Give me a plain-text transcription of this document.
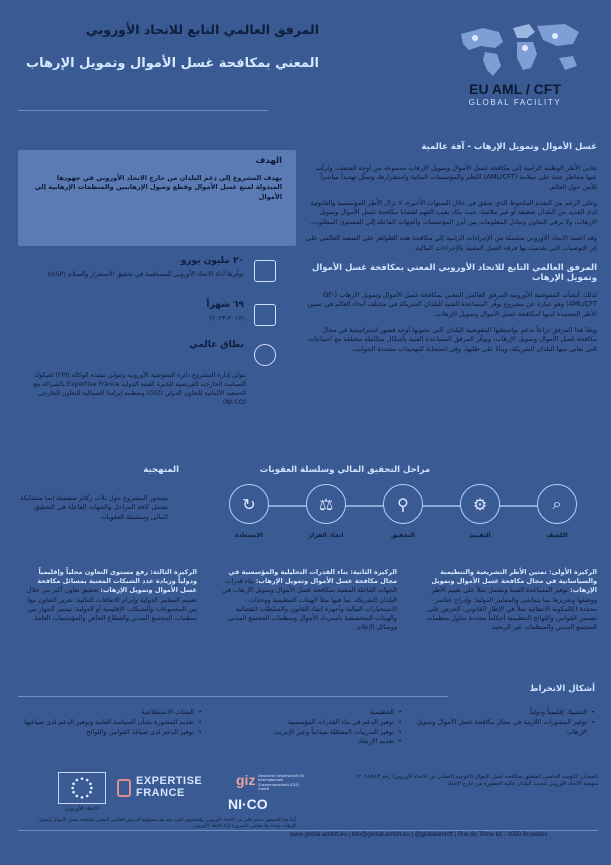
المرفق العالمي التابع للاتحاد الأوروبي
المعني بمكافحة غسل الأموال وتمويل الإرهاب
EU AML / CFT
GLOBAL FACILITY
غسل الأموال وتمويل الإرهاب - آفة عالمية

تعاني الأطر الوطنية الرامية إلى مكافحة غسل الأموال وتمويل الإرهاب مجموعة من أوجه الضعف، وتُرتِّب عنها مخاطر جمة على سلامة (AML/CFT) النُظم والمؤسسات المالية واستقرارها، وتمثِّل تهديداً مباشراً للأمن حول العالم.

وعلى الرغم من التقدم الملحوظ الذي تحقق في خلال السنوات الأخيرة، لا تزال الأطر المؤسسية والقانونية لدى العديد من البلدان ضعيفة أو غير ملائمة، حيث يكاد يغيب الفهم لقضايا مكافحة غسل الأموال وتمويل الإرهاب، ولا يرقى التعاون وتبادل المعلومات بين أبرز المؤسسات والجهات الفاعلة إلى المستوى المطلوب.

وقد اعتمد الاتحاد الأوروبي سلسلة من الإجراءات الرامية إلى مكافحة هذه الظواهر على الصعيد العالمي على إثر التوصيات التي تقدمت بها فرقة العمل المعنية بالإجراءات المالية.

المرفق العالمي التابع للاتحاد الأوروبي المعني بمكافحة غسل الأموال وتمويل الإرهاب

لذلك، أنشأت المفوضية الأوروبية المرفق العالمي المعني بمكافحة غسل الأموال وتمويل الإرهاب (GF-AML/CFT) وهو عبارة عن مشروع يوفّر المساعدة الفنية للبلدان الشريكة في مختلف أنحاء العالم في تمتين الأطر المعتمدة لديها لمكافحة غسل الأموال وتمويل الإرهاب.

ويعدّ هذا المرفق ذراعاً تدعم بواسطتها المفوضية البلدان التي تشوبها أوجه قصور استراتيجية في مجال مكافحة غسل الأموال وتمويل الإرهاب، ويوفّر المرفق المساعدة الفنية بأشكال متكاملة مختلفة مع احتياجات التي تعاني منها البلدان الشريكة، وبناءً على طلبها، وفي استجابة للتهديدات متعددة الجوانب.

الهدف
يهدف المشروع إلى دعم البلدان من خارج الاتحاد الأوروبي في جهودها المبذولة لمنع غسل الأموال وقطع وصول الإرهابيين والمنظمات الإرهابية إلى الأموال
٢٠ مليون يورو
توفّرها أداة الاتحاد الأوروبي للمساهمة في تحقيق الاستقرار والسلام (IcSP)
٦٩ شهراً
(٢٠١٧-٢٠٢٣)
نطاق عالمي
تتولى إدارة المشروع دائرة المفوضية الأوروبية وتتولى تنفيذه الوكالة (FPI) لصكوك السياسة الخارجية الفرنسية للخبرة الفنية الدولية Expertise France بالشراكة مع الجمعية الألمانية للتعاون الدولي (GIZ) ومنظمة إيرلندا الشمالية للتعاون الخارجي (NI-CO)
المنهجية
يتمحور المشروع حول ثلاث ركائز منفصلة إنما متشابكة تشمل كافة المراحل والجهات الفاعلة في التحقيق المالي وسلسلة العقوبات
مراحل التحقيق المالي وسلسلة العقوبات
⌕
الكشف
⚙
التقييم
⚲
التحقيق
⚖
اتخاذ القرار
↻
الاستعادة
الركيزة الأولى: تمتين الأطر التشريعية والتنظيمية والسياساتية في مجال مكافحة غسل الأموال وتمويل الإرهاب: توفير المساعدة الفنية وتشمل مثلاً على تقييم الأطر ووضعها وتعزيزها بما يتماشى والمعايير الدولية؛ وإدراج عناصر محددة (كالمكونة الانتقائية مثلاً في الإطار القانوني، الحرص على تضمين القوانين واللوائح التنظيمية أحكاماً محددة تتناول منظمات المجتمع المدني والمنظمات غير الربحية.
الركيزة الثانية: بناء القدرات التحليلية والمؤسسية في مجال مكافحة غسل الأموال وتمويل الإرهاب: بناء قدرات الجهات الفاعلة المعنية بمكافحة غسل الأموال وتمويل الإرهاب في البلدان الشريكة، بما فيها مثلاً الهيئات التنظيمية ووحدات الاستخبارات المالية وأجهزة إنفاذ القانون والسلطات القضائية والهيئات المتخصصة باسترداد الأموال ومنظمات المجتمع المدني ووسائل الإعلام.
الركيزة الثالثة: رفع مستوى التعاون محلياً وإقليمياً ودولياً وزيادة عدد الشبكات المعنية بمسائل مكافحة غسل الأموال وتمويل الإرهاب: تحقيق تعاون أكبر من خلال تعميم المعايير الدولية وإبرام الاتفاقات الثنائية؛ تعزيز التعاون مع/بين المجموعات والشبكات الإقليمية أو الدولية؛ تيسير الحوار بين منظمات المجتمع المدني والقطاع الخاص والمؤسسات العامة.
أشكال الانخراط
• التشبيك إقليمياً ودولياً
• توفير المشورات اللازمة في مجال مكافحة غسل الأموال وتمويل الإرهاب
• التنظيمية
• توفير الدعم في بناء القدرات المؤسسية
• توفير التدريبات المفصّلة ميدانياً وعبر الإنترنت
• تقديم الإرشاد
• البعثات الاستطلاعية
• تقديم المشورة بشأن السياسة العامة وتوفير الدعم لدى صياغتها
• توفير الدعم لدى صياغة القوانين واللوائح
الاتحاد الأوروبي
EXPERTISE
FRANCE
giz Deutsche Gesellschaft für Internationale Zusammenarbeit (GIZ) GmbH
NI·CO
المصادر: التوجيه الخامس المتعلق بمكافحة غسل الأموال (التوجيه (الصادر عن الاتحاد الأوروبي) رقم ٢٠١٨/٨٤٣) منهجية الاتحاد الأوروبي لتحديد البلدان عالية الخطورة من خارج الاتحاد
أُعدّ هذا المنشور بدعم مالي من الاتحاد الأوروبي. والمحتوى الوارد فيه هو مسؤولية المرفق العالمي المعني بمكافحة غسل الأموال وتمويل الإرهاب وحده ولا يعكس بالضرورة آراء الاتحاد الأوروبي.
www.global-amlcft.eu | info@global-amlcft.eu | @globalamlcft | Rue du Trône 61 - 1050 Bruxelles
